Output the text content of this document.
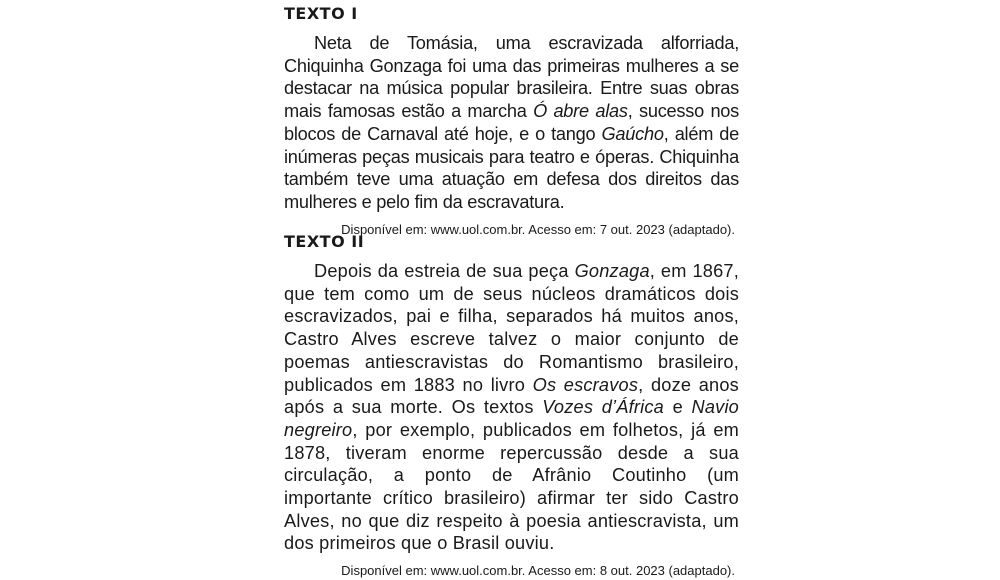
TEXTO I

Neta de Tomásia, uma escravizada alforriada, Chiquinha Gonzaga foi uma das primeiras mulheres a se destacar na música popular brasileira. Entre suas obras mais famosas estão a marcha Ó abre alas, sucesso nos blocos de Carnaval até hoje, e o tango Gaúcho, além de inúmeras peças musicais para teatro e óperas. Chiquinha também teve uma atuação em defesa dos direitos das mulheres e pelo fim da escravatura.

Disponível em: www.uol.com.br. Acesso em: 7 out. 2023 (adaptado).
TEXTO II

Depois da estreia de sua peça Gonzaga, em 1867, que tem como um de seus núcleos dramáticos dois escravizados, pai e filha, separados há muitos anos, Castro Alves escreve talvez o maior conjunto de poemas antiescravistas do Romantismo brasileiro, publicados em 1883 no livro Os escravos, doze anos após a sua morte. Os textos Vozes d’África e Navio negreiro, por exemplo, publicados em folhetos, já em 1878, tiveram enorme repercussão desde a sua circulação, a ponto de Afrânio Coutinho (um importante crítico brasileiro) afirmar ter sido Castro Alves, no que diz respeito à poesia antiescravista, um dos primeiros que o Brasil ouviu.

Disponível em: www.uol.com.br. Acesso em: 8 out. 2023 (adaptado).
